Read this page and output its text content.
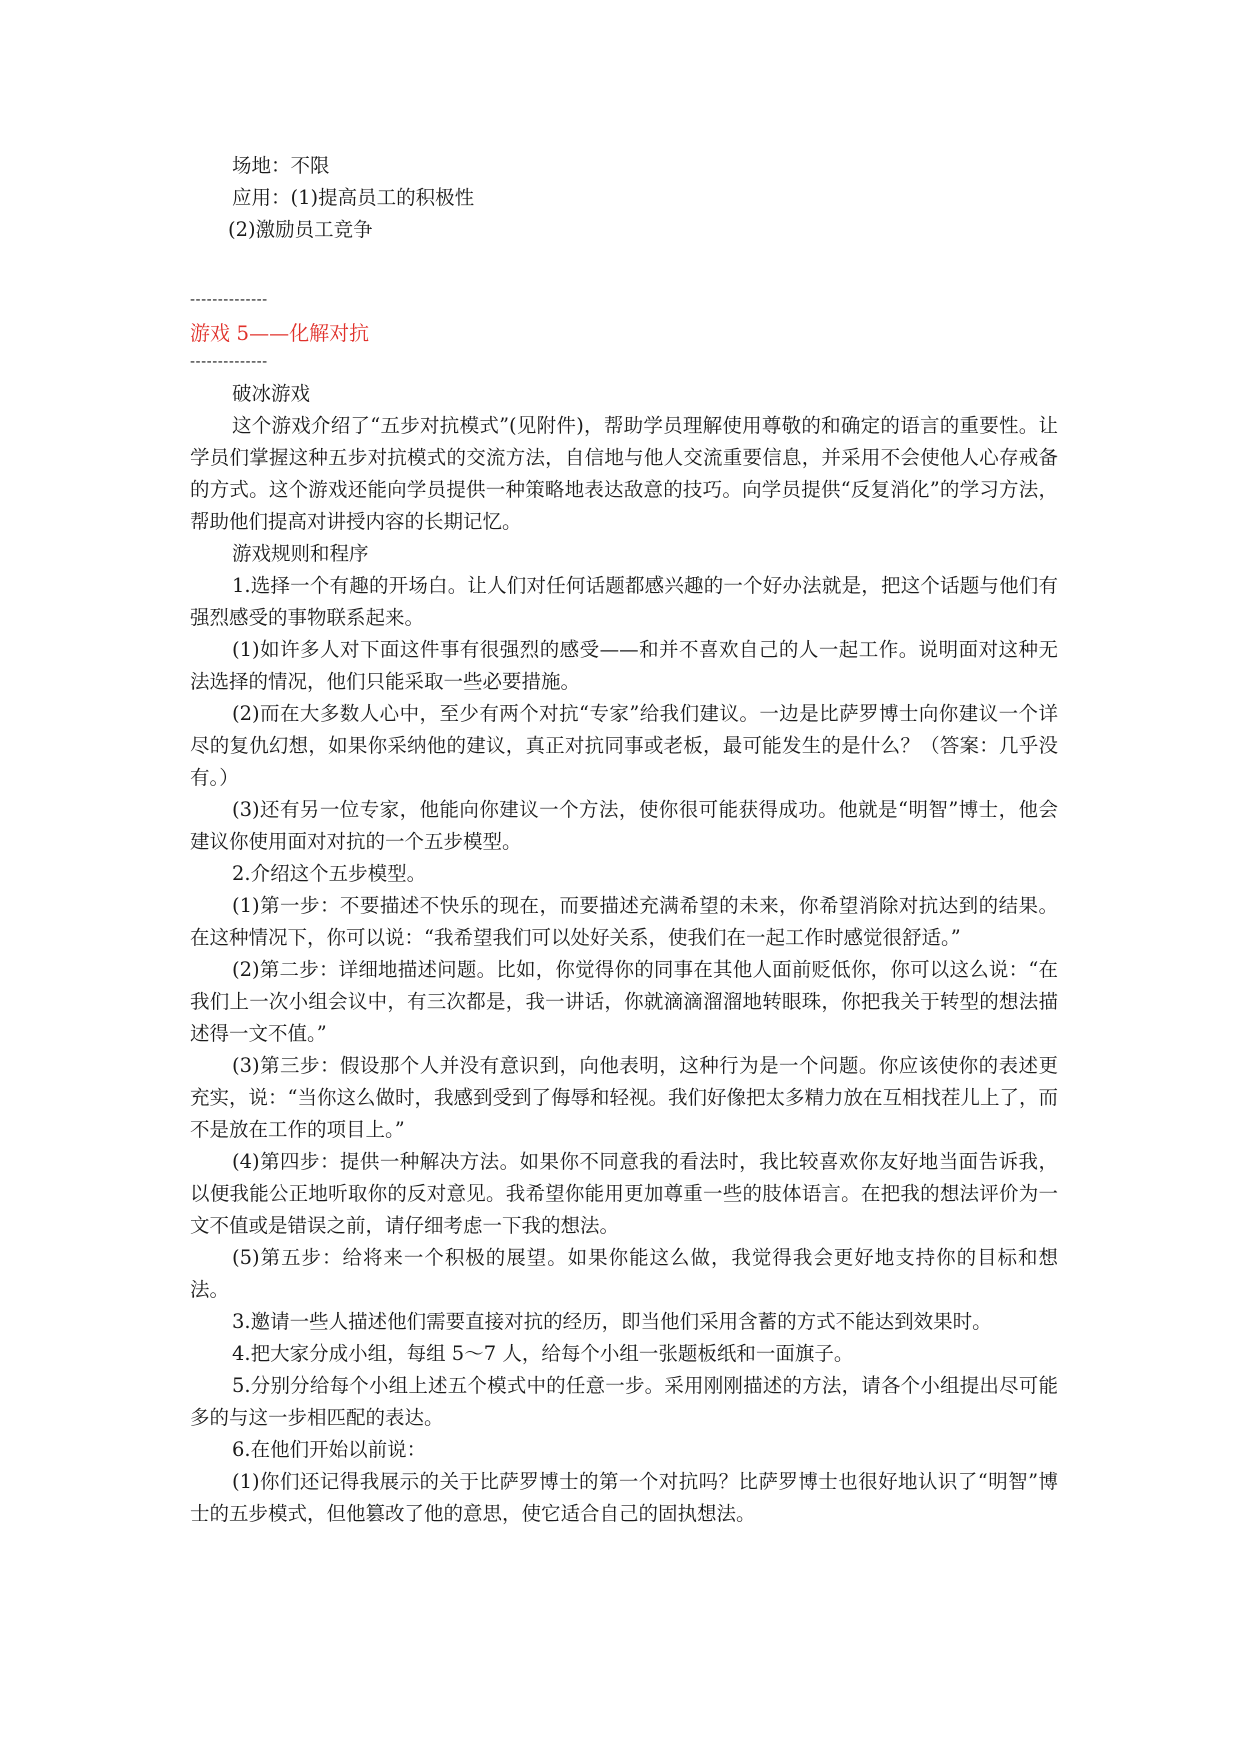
场地：不限

应用：(1)提高员工的积极性

(2)激励员工竞争

--------------

游戏 5——化解对抗

--------------

破冰游戏

这个游戏介绍了“五步对抗模式”(见附件)，帮助学员理解使用尊敬的和确定的语言的重要性。让学员们掌握这种五步对抗模式的交流方法，自信地与他人交流重要信息，并采用不会使他人心存戒备的方式。这个游戏还能向学员提供一种策略地表达敌意的技巧。向学员提供“反复消化”的学习方法，帮助他们提高对讲授内容的长期记忆。

游戏规则和程序

1.选择一个有趣的开场白。让人们对任何话题都感兴趣的一个好办法就是，把这个话题与他们有强烈感受的事物联系起来。

(1)如许多人对下面这件事有很强烈的感受——和并不喜欢自己的人一起工作。说明面对这种无法选择的情况，他们只能采取一些必要措施。

(2)而在大多数人心中，至少有两个对抗“专家”给我们建议。一边是比萨罗博士向你建议一个详尽的复仇幻想，如果你采纳他的建议，真正对抗同事或老板，最可能发生的是什么？（答案：几乎没有。）

(3)还有另一位专家，他能向你建议一个方法，使你很可能获得成功。他就是“明智”博士，他会建议你使用面对对抗的一个五步模型。

2.介绍这个五步模型。

(1)第一步：不要描述不快乐的现在，而要描述充满希望的未来，你希望消除对抗达到的结果。在这种情况下，你可以说：“我希望我们可以处好关系，使我们在一起工作时感觉很舒适。”

(2)第二步：详细地描述问题。比如，你觉得你的同事在其他人面前贬低你，你可以这么说：“在我们上一次小组会议中，有三次都是，我一讲话，你就滴滴溜溜地转眼珠，你把我关于转型的想法描述得一文不值。”

(3)第三步：假设那个人并没有意识到，向他表明，这种行为是一个问题。你应该使你的表述更充实，说：“当你这么做时，我感到受到了侮辱和轻视。我们好像把太多精力放在互相找茬儿上了，而不是放在工作的项目上。”

(4)第四步：提供一种解决方法。如果你不同意我的看法时，我比较喜欢你友好地当面告诉我，以便我能公正地听取你的反对意见。我希望你能用更加尊重一些的肢体语言。在把我的想法评价为一文不值或是错误之前，请仔细考虑一下我的想法。

(5)第五步：给将来一个积极的展望。如果你能这么做，我觉得我会更好地支持你的目标和想法。

3.邀请一些人描述他们需要直接对抗的经历，即当他们采用含蓄的方式不能达到效果时。

4.把大家分成小组，每组 5～7 人，给每个小组一张题板纸和一面旗子。

5.分别分给每个小组上述五个模式中的任意一步。采用刚刚描述的方法，请各个小组提出尽可能多的与这一步相匹配的表达。

6.在他们开始以前说：

(1)你们还记得我展示的关于比萨罗博士的第一个对抗吗？比萨罗博士也很好地认识了“明智”博士的五步模式，但他篡改了他的意思，使它适合自己的固执想法。
